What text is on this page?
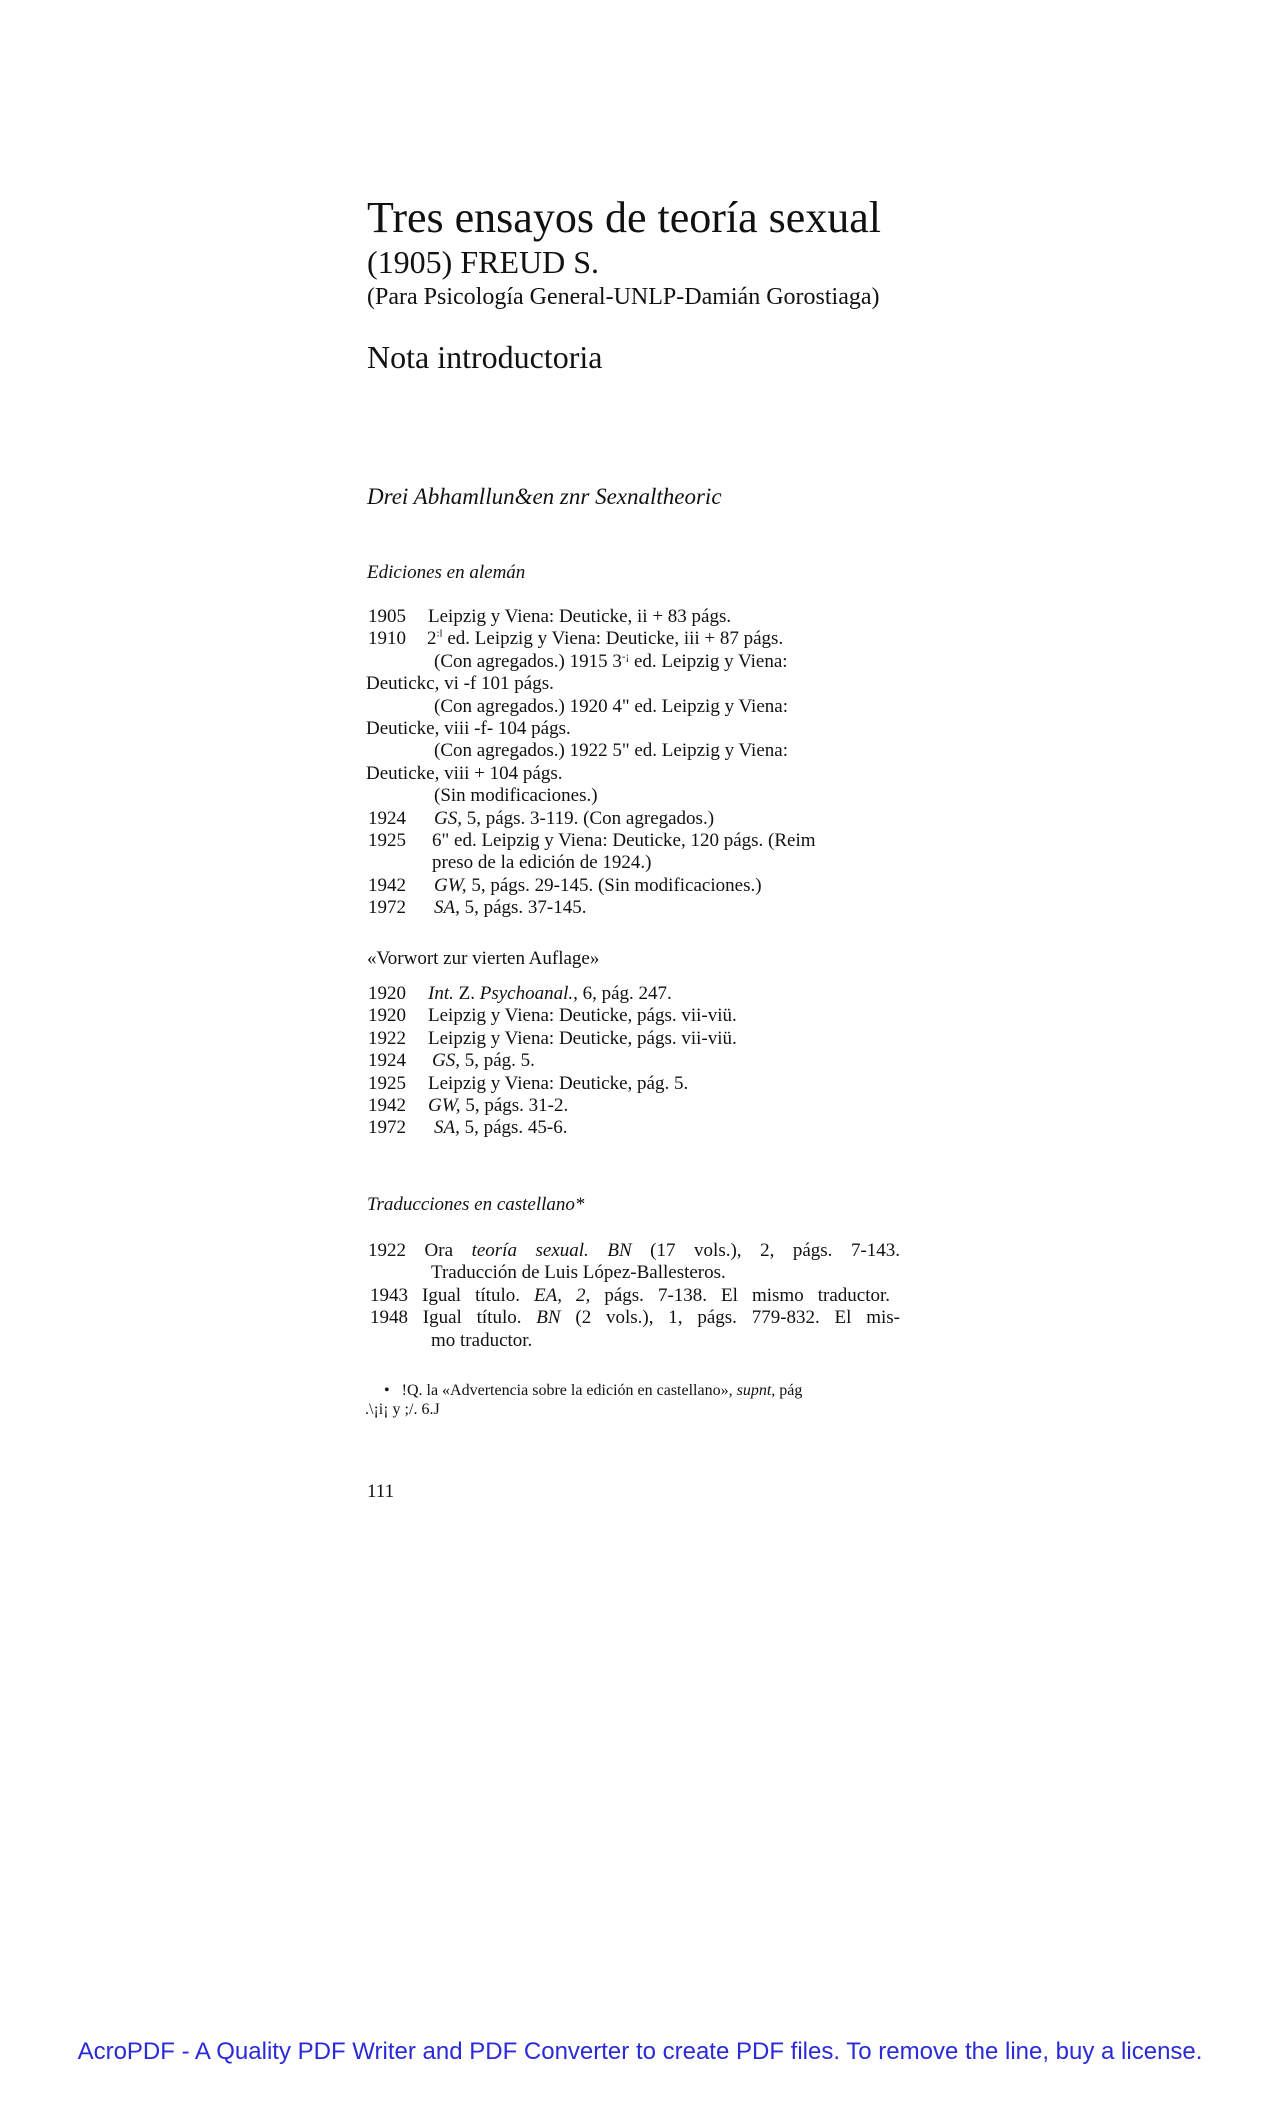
Tres ensayos de teoría sexual
(1905) FREUD S.
(Para Psicología General-UNLP-Damián Gorostiaga)
Nota introductoria
Drei Abhamllun&en znr Sexnaltheoric
Ediciones en alemán
1905 Leipzig y Viena: Deuticke, ii + 83 págs.
1910 $2^{:l}$ ed. Leipzig y Viena: Deuticke, iii + 87 págs.
(Con agregados.) 1915 3-¡ ed. Leipzig y Viena:
Deutickc, vi -f 101 págs.
(Con agregados.) 1920 4" ed. Leipzig y Viena:
Deuticke, viii -f- 104 págs.
(Con agregados.) 1922 5" ed. Leipzig y Viena:
Deuticke, viii + 104 págs.
(Sin modificaciones.)
1924 GS, 5, págs. 3-119. (Con agregados.)
1925 6" ed. Leipzig y Viena: Deuticke, 120 págs. (Reim
preso de la edición de 1924.)
1942 GW, 5, págs. 29-145. (Sin modificaciones.)
1972 SA, 5, págs. 37-145.
«Vorwort zur vierten Auflage»
1920 Int. Z. Psychoanal., 6, pág. 247.
1920 Leipzig y Viena: Deuticke, págs. vii-viü.
1922 Leipzig y Viena: Deuticke, págs. vii-viü.
1924 GS, 5, pág. 5.
1925 Leipzig y Viena: Deuticke, pág. 5.
1942 GW, 5, págs. 31-2.
1972 SA, 5, págs. 45-6.
Traducciones en castellano*
1922 Ora teoría sexual. BN (17 vols.), 2, págs. 7-143.
Traducción de Luis López-Ballesteros.
1943 Igual título. EA, 2, págs. 7-138. El mismo traductor.
1948 Igual título. BN (2 vols.), 1, págs. 779-832. El mis-
mo traductor.
• !Q. la «Advertencia sobre la edición en castellano», supnt, pág
.\¡i¡ y ;/. 6.J
111
AcroPDF - A Quality PDF Writer and PDF Converter to create PDF files. To remove the line, buy a license.
